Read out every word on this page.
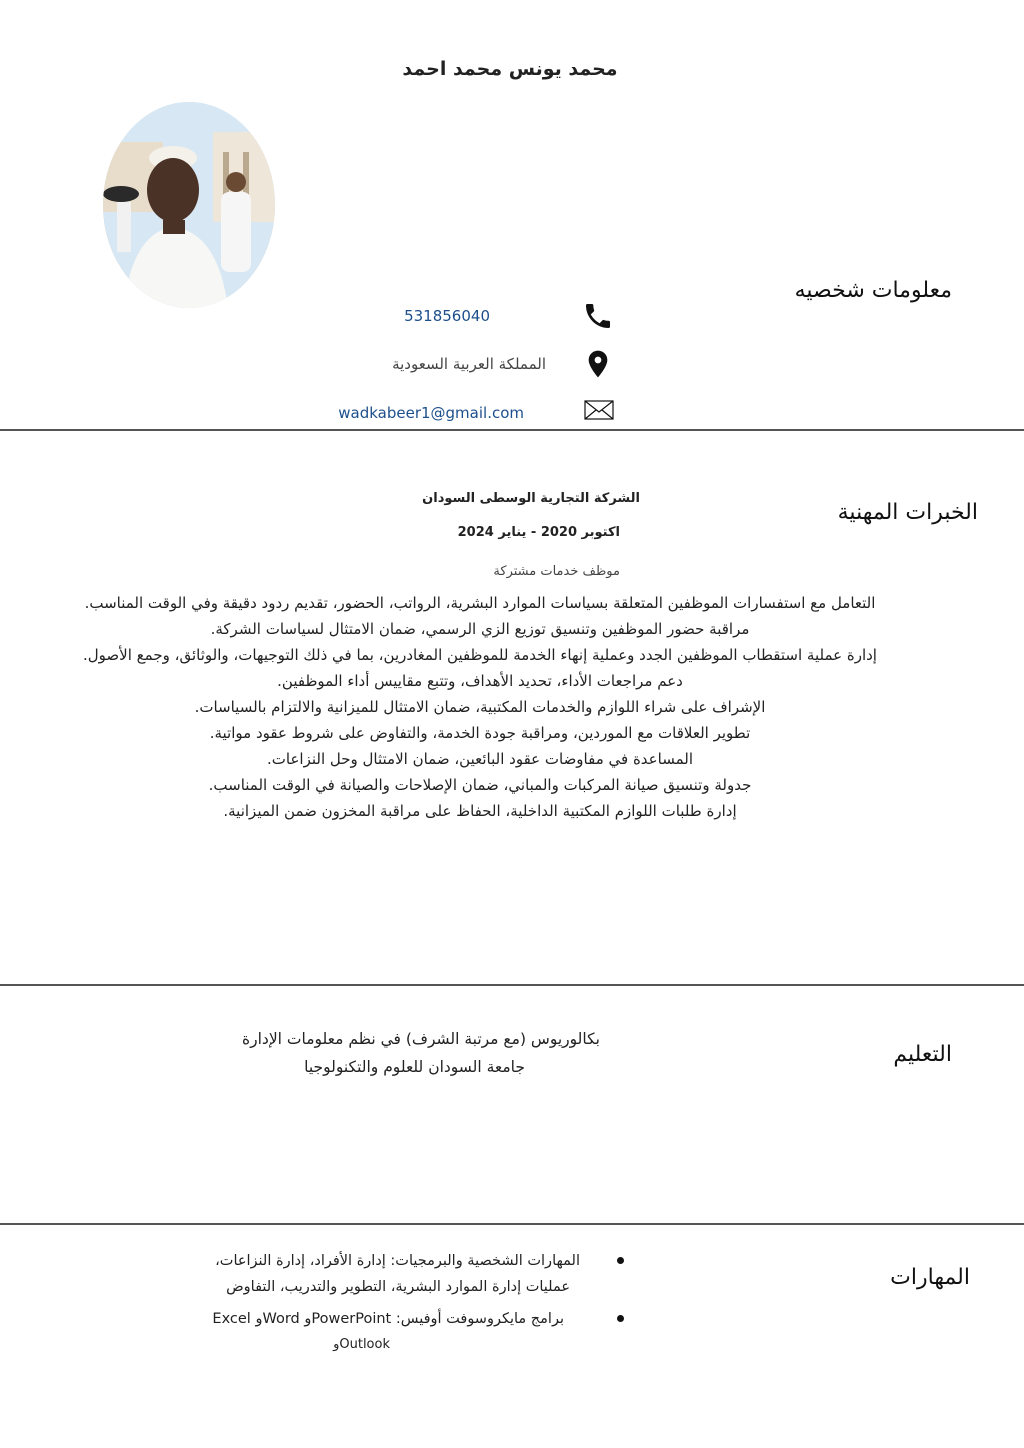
محمد يونس محمد احمد
معلومات شخصيه
531856040
المملكة العربية السعودية
wadkabeer1@gmail.com
الخبرات المهنية
الشركة التجارية الوسطى السودان
اكتوبر 2020 - يناير 2024
موظف خدمات مشتركة

التعامل مع استفسارات الموظفين المتعلقة بسياسات الموارد البشرية، الرواتب، الحضور، تقديم ردود دقيقة وفي الوقت المناسب.

مراقبة حضور الموظفين وتنسيق توزيع الزي الرسمي، ضمان الامتثال لسياسات الشركة.

إدارة عملية استقطاب الموظفين الجدد وعملية إنهاء الخدمة للموظفين المغادرين، بما في ذلك التوجيهات، والوثائق، وجمع الأصول.

دعم مراجعات الأداء، تحديد الأهداف، وتتبع مقاييس أداء الموظفين.

الإشراف على شراء اللوازم والخدمات المكتبية، ضمان الامتثال للميزانية والالتزام بالسياسات.

تطوير العلاقات مع الموردين، ومراقبة جودة الخدمة، والتفاوض على شروط عقود مواتية.

المساعدة في مفاوضات عقود البائعين، ضمان الامتثال وحل النزاعات.

جدولة وتنسيق صيانة المركبات والمباني، ضمان الإصلاحات والصيانة في الوقت المناسب.

إدارة طلبات اللوازم المكتبية الداخلية، الحفاظ على مراقبة المخزون ضمن الميزانية.

التعليم

بكالوريوس (مع مرتبة الشرف) في نظم معلومات الإدارة

جامعة السودان للعلوم والتكنولوجيا

المهارات
المهارات الشخصية والبرمجيات: إدارة الأفراد، إدارة النزاعات،
عمليات إدارة الموارد البشرية، التطوير والتدريب، التفاوض
برامج مايكروسوفت أوفيس: PowerPointو Wordو Excel
Outlookو
